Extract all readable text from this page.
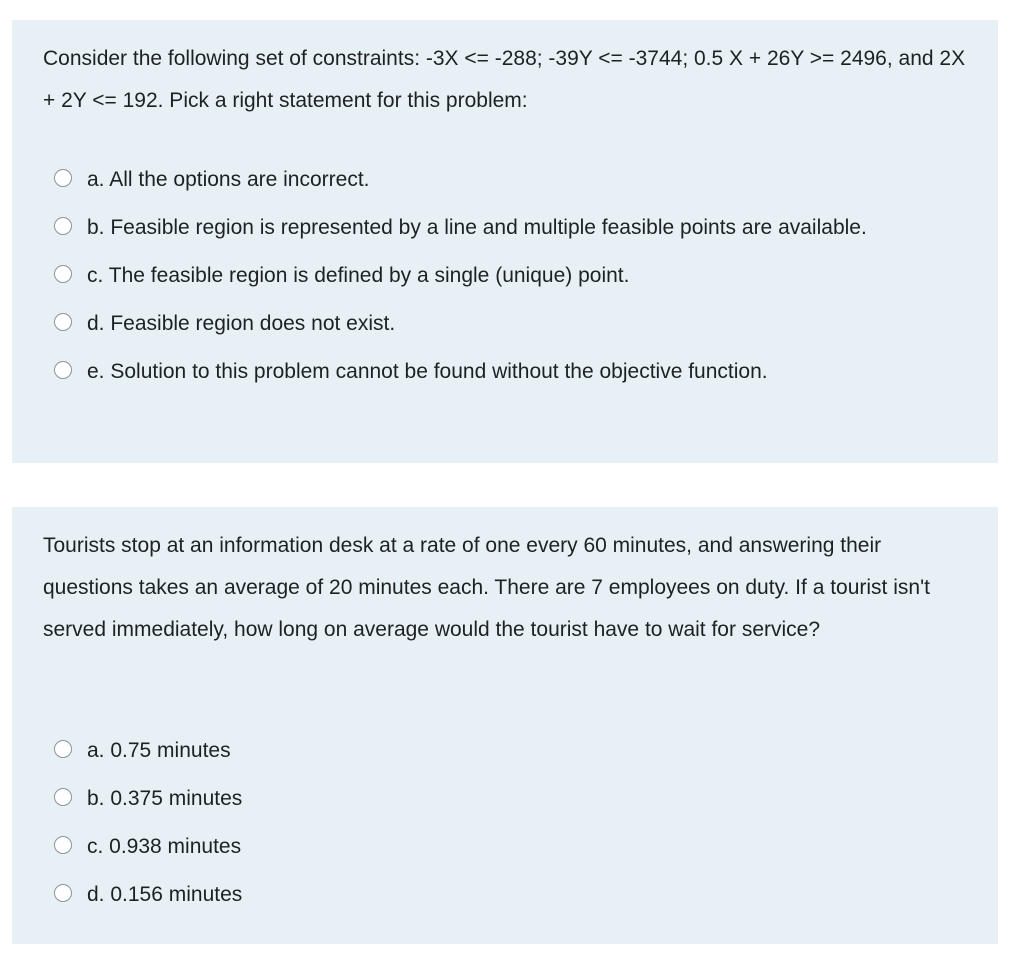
Consider the following set of constraints: -3X <= -288; -39Y <= -3744; 0.5 X + 26Y >= 2496, and 2X + 2Y <= 192. Pick a right statement for this problem:

a. All the options are incorrect.
b. Feasible region is represented by a line and multiple feasible points are available.
c. The feasible region is defined by a single (unique) point.
d. Feasible region does not exist.
e. Solution to this problem cannot be found without the objective function.

Tourists stop at an information desk at a rate of one every 60 minutes, and answering their questions takes an average of 20 minutes each. There are 7 employees on duty. If a tourist isn't served immediately, how long on average would the tourist have to wait for service?

a. 0.75 minutes
b. 0.375 minutes
c. 0.938 minutes
d. 0.156 minutes
